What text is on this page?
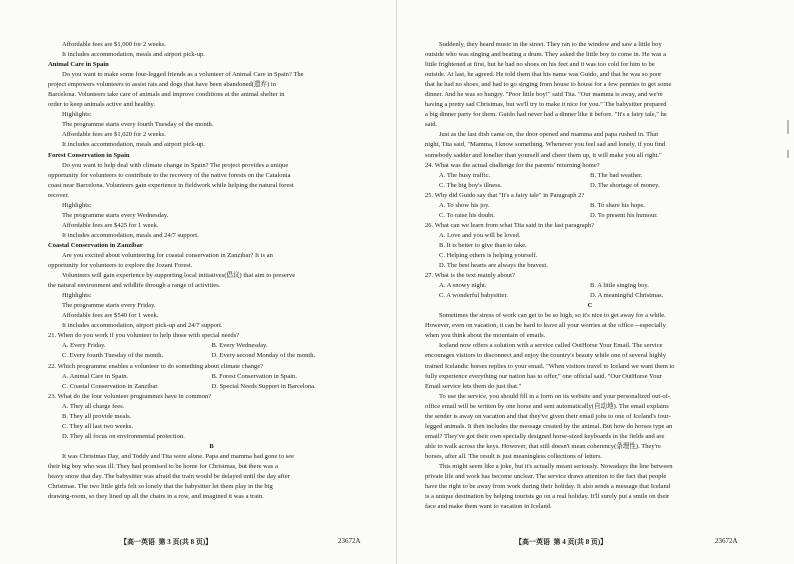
Affordable fees are $1,000 for 2 weeks.
It includes accommodation, meals and airport pick-up.
Animal Care in Spain
Do you want to make some four-legged friends as a volunteer of Animal Care in Spain? The
project empowers volunteers to assist rats and dogs that have been abandoned(遗弃) in
Barcelona. Volunteers take care of animals and improve conditions at the animal shelter in
order to keep animals active and healthy.
Highlights:
The programme starts every fourth Tuesday of the month.
Affordable fees are $1,020 for 2 weeks.
It includes accommodation, meals and airport pick-up.
Forest Conservation in Spain
Do you want to help deal with climate change in Spain? The project provides a unique
opportunity for volunteers to contribute to the recovery of the native forests on the Catalonia
coast near Barcelona. Volunteers gain experience in fieldwork while helping the natural forest
recover.
Highlights:
The programme starts every Wednesday.
Affordable fees are $425 for 1 week.
It includes accommodation, meals and 24/7 support.
Coastal Conservation in Zanzibar
Are you excited about volunteering for coastal conservation in Zanzibar? It is an
opportunity for volunteers to explore the Jozani Forest.
Volunteers will gain experience by supporting local initiatives(倡议) that aim to preserve
the natural environment and wildlife through a range of activities.
Highlights:
The programme starts every Friday.
Affordable fees are $540 for 1 week.
It includes accommodation, airport pick-up and 24/7 support.
21. When do you work if you volunteer to help those with special needs?
A. Every Friday.	B. Every Wednesday.
C. Every fourth Tuesday of the month.	D. Every second Monday of the month.
22. Which programme enables a volunteer to do something about climate change?
A. Animal Care in Spain.	B. Forest Conservation in Spain.
C. Coastal Conservation in Zanzibar.	D. Special Needs Support in Barcelona.
23. What do the four volunteer programmes have in common?
A. They all charge fees.
B. They all provide meals.
C. They all last two weeks.
D. They all focus on environmental protection.
B
It was Christmas Day, and Toddy and Tita were alone. Papa and mamma had gone to see
their big boy who was ill. They had promised to be home for Christmas, but there was a
heavy snow that day. The babysitter was afraid the train would be delayed until the day after
Christmas. The two little girls felt so lonely that the babysitter let them play in the big
drawing-room, so they lined up all the chairs in a row, and imagined it was a train.
【高一英语  第 3 页(共 8 页)】	23672A
Suddenly, they heard music in the street. They ran to the window and saw a little boy
outside who was singing and beating a drum. They asked the little boy to come in. He was a
little frightened at first, but he had no shoes on his feet and it was too cold for him to be
outside. At last, he agreed. He told them that his name was Guido, and that he was so poor
that he had no shoes, and had to go singing from house to house for a few pennies to get some
dinner. And he was so hungry. "Poor little boy!" said Tita. "Our mamma is away, and we're
having a pretty sad Christmas, but we'll try to make it nice for you." The babysitter prepared
a big dinner party for them. Guido had never had a dinner like it before. "It's a fairy tale," he
said.
Just as the last dish came on, the door opened and mamma and papa rushed in. That
night, Tita said, "Mamma, I know something. Whenever you feel sad and lonely, if you find
somebody sadder and lonelier than yourself and cheer them up, it will make you all right."
24. What was the actual challenge for the parents' returning home?
A. The busy traffic.	B. The bad weather.
C. The big boy's illness.	D. The shortage of money.
25. Why did Guido say that "It's a fairy tale" in Paragraph 2?
A. To show his joy.	B. To share his hope.
C. To raise his doubt.	D. To present his humour.
26. What can we learn from what Tita said in the last paragraph?
A. Love and you will be loved.
B. It is better to give than to take.
C. Helping others is helping yourself.
D. The best hearts are always the bravest.
27. What is the text mainly about?
A. A snowy night.	B. A little singing boy.
C. A wonderful babysitter.	D. A meaningful Christmas.
C
Sometimes the stress of work can get to be so high, so it's nice to get away for a while.
However, even on vacation, it can be hard to leave all your worries at the office—especially
when you think about the mountain of emails.
Iceland now offers a solution with a service called OutHorse Your Email. The service
encourages visitors to disconnect and enjoy the country's beauty while one of several highly
trained Icelandic horses replies to your email. "When visitors travel to Iceland we want them to
fully experience everything our nation has to offer," one official said. "Our OutHorse Your
Email service lets them do just that."
To use the service, you should fill in a form on its website and your personalized out-of-
office email will be written by one horse and sent automatically(自动地). The email explains
the sender is away on vacation and that they've given their email jobs to one of Iceland's four-
legged animals. It then includes the message created by the animal. But how do horses type an
email? They've got their own specially designed horse-sized keyboards in the fields and are
able to walk across the keys. However, that still doesn't mean coherency(条理性). They're
horses, after all. The result is just meaningless collections of letters.
This might seem like a joke, but it's actually meant seriously. Nowadays the line between
private life and work has become unclear. The service draws attention to the fact that people
have the right to be away from work during their holiday. It also sends a message that Iceland
is a unique destination by helping tourists go on a real holiday. It'll surely put a smile on their
face and make them want to vacation in Iceland.
【高一英语  第 4 页(共 8 页)】	23672A
